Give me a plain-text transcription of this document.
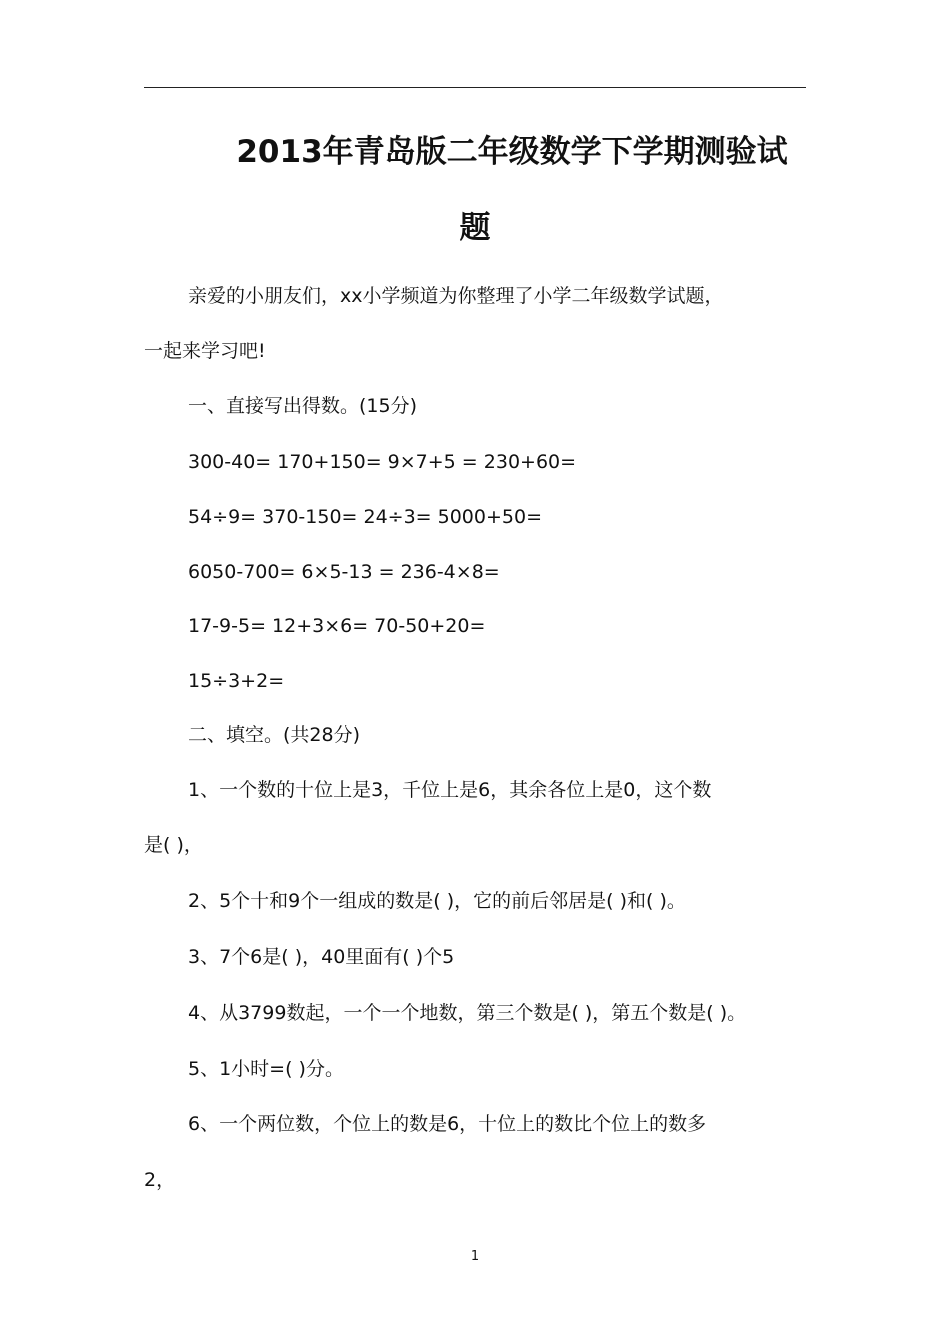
2013年青岛版二年级数学下学期测验试
题
亲爱的小朋友们，xx小学频道为你整理了小学二年级数学试题，
一起来学习吧!
一、直接写出得数。(15分)
300-40= 170+150= 9×7+5 = 230+60=
54÷9= 370-150= 24÷3= 5000+50=
6050-700= 6×5-13 = 236-4×8=
17-9-5= 12+3×6= 70-50+20=
15÷3+2=
二、填空。(共28分)
1、一个数的十位上是3，千位上是6，其余各位上是0，这个数
是( )，
2、5个十和9个一组成的数是( )，它的前后邻居是( )和( )。
3、7个6是( )，40里面有( )个5
4、从3799数起，一个一个地数，第三个数是( )，第五个数是( )。
5、1小时=( )分。
6、一个两位数，个位上的数是6，十位上的数比个位上的数多
2，
1
